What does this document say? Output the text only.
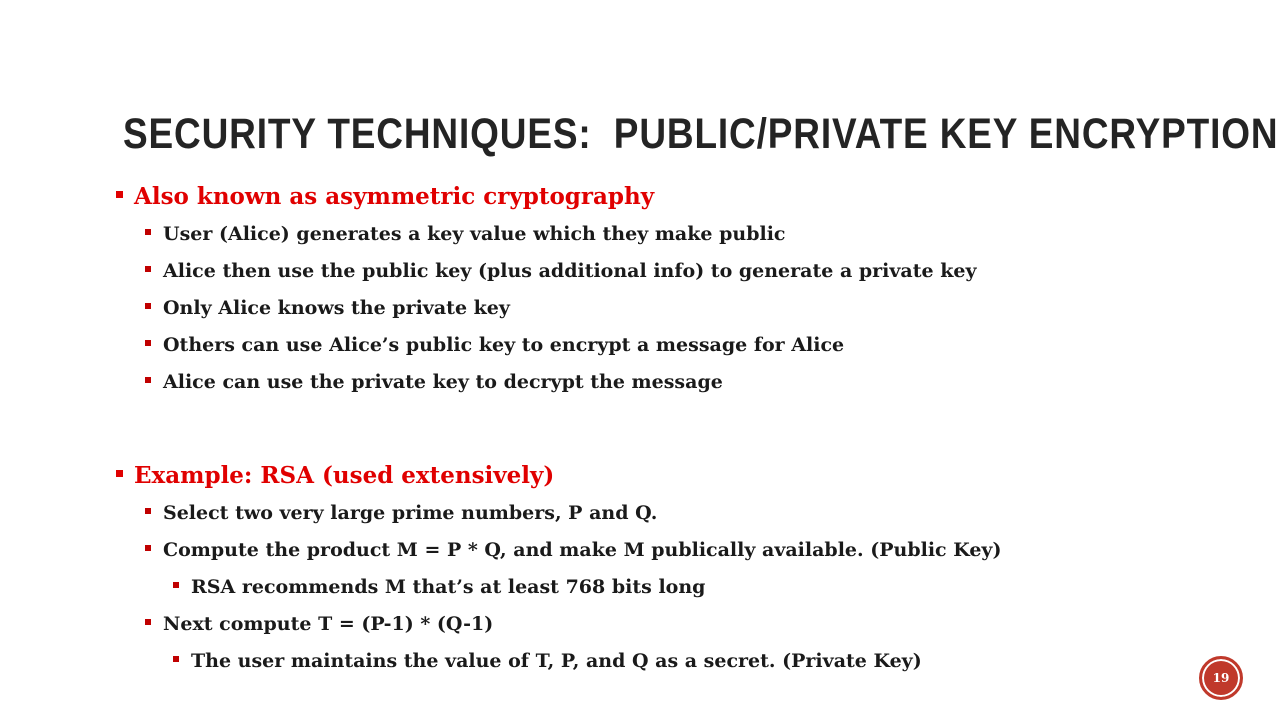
SECURITY TECHNIQUES:  PUBLIC/PRIVATE KEY ENCRYPTION
Also known as asymmetric cryptography
User (Alice) generates a key value which they make public
Alice then use the public key (plus additional info) to generate a private key
Only Alice knows the private key
Others can use Alice’s public key to encrypt a message for Alice
Alice can use the private key to decrypt the message
Example: RSA (used extensively)
Select two very large prime numbers, P and Q.
Compute the product M = P * Q, and make M publically available. (Public Key)
RSA recommends M that’s at least 768 bits long
Next compute T = (P-1) * (Q-1)
The user maintains the value of T, P, and Q as a secret. (Private Key)
19
